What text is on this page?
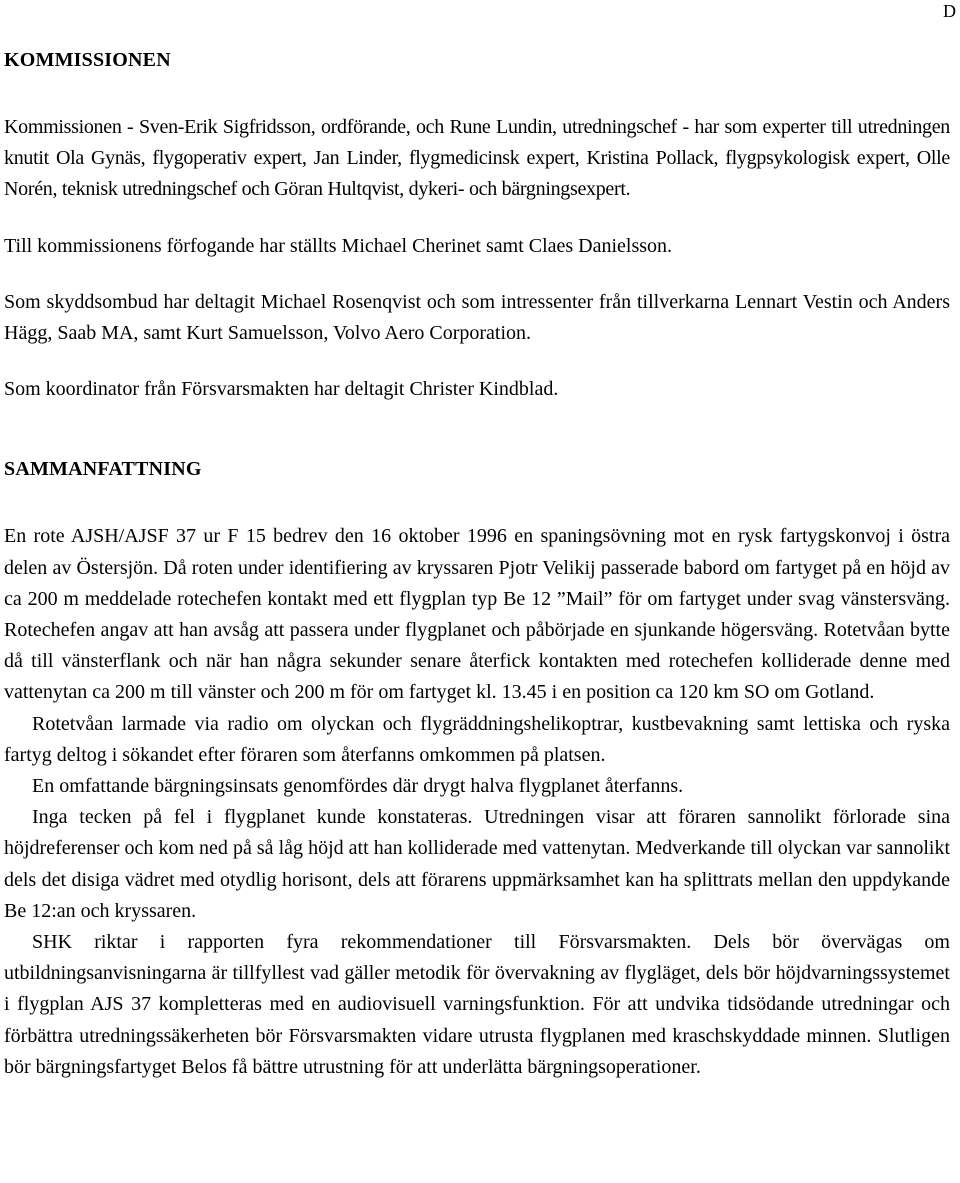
D
KOMMISSIONEN

Kommissionen - Sven-Erik Sigfridsson, ordförande, och Rune Lundin, utredningschef - har som experter till utredningen knutit Ola Gynäs, flygoperativ expert, Jan Linder, flygmedicinsk expert, Kristina Pollack, flygpsykologisk expert, Olle Norén, teknisk utredningschef och Göran Hultqvist, dykeri- och bärgningsexpert.

Till kommissionens förfogande har ställts Michael Cherinet samt Claes Danielsson.

Som skyddsombud har deltagit Michael Rosenqvist och som intressenter från tillverkarna Lennart Vestin och Anders Hägg, Saab MA, samt Kurt Samuelsson, Volvo Aero Corporation.

Som koordinator från Försvarsmakten har deltagit Christer Kindblad.

SAMMANFATTNING

En rote AJSH/AJSF 37 ur F 15 bedrev den 16 oktober 1996 en spaningsövning mot en rysk fartygskonvoj i östra delen av Östersjön. Då roten under identifiering av kryssaren Pjotr Velikij passerade babord om fartyget på en höjd av ca 200 m meddelade rotechefen kontakt med ett flygplan typ Be 12 ”Mail” för om fartyget under svag vänstersväng. Rotechefen angav att han avsåg att passera under flygplanet och påbörjade en sjunkande högersväng. Rotetvåan bytte då till vänsterflank och när han några sekunder senare återfick kontakten med rotechefen kolliderade denne med vattenytan ca 200 m till vänster och 200 m för om fartyget kl. 13.45 i en position ca 120 km SO om Gotland.

Rotetvåan larmade via radio om olyckan och flygräddningshelikoptrar, kustbevakning samt lettiska och ryska fartyg deltog i sökandet efter föraren som återfanns omkommen på platsen.

En omfattande bärgningsinsats genomfördes där drygt halva flygplanet återfanns.

Inga tecken på fel i flygplanet kunde konstateras. Utredningen visar att föraren sannolikt förlorade sina höjdreferenser och kom ned på så låg höjd att han kolliderade med vattenytan. Medverkande till olyckan var sannolikt dels det disiga vädret med otydlig horisont, dels att förarens uppmärksamhet kan ha splittrats mellan den uppdykande Be 12:an och kryssaren.

SHK riktar i rapporten fyra rekommendationer till Försvarsmakten. Dels bör övervägas om utbildningsanvisningarna är tillfyllest vad gäller metodik för övervakning av flygläget, dels bör höjdvarningssystemet i flygplan AJS 37 kompletteras med en audiovisuell varningsfunktion. För att undvika tidsödande utredningar och förbättra utredningssäkerheten bör Försvarsmakten vidare utrusta flygplanen med kraschskyddade minnen. Slutligen bör bärgningsfartyget Belos få bättre utrustning för att underlätta bärgningsoperationer.
